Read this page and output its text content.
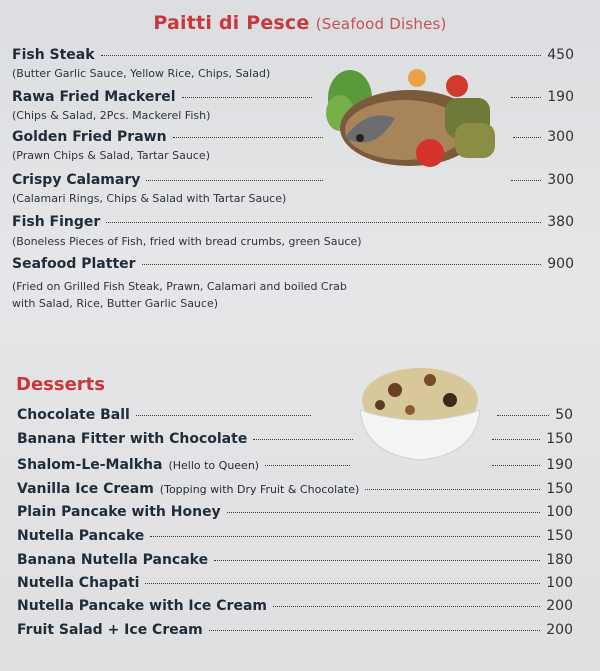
Paitti di Pesce (Seafood Dishes)
Fish Steak	450
(Butter Garlic Sauce, Yellow Rice, Chips, Salad)
Rawa Fried Mackerel	190
(Chips & Salad, 2Pcs. Mackerel Fish)
Golden Fried Prawn	300
(Prawn Chips & Salad, Tartar Sauce)
Crispy Calamary	300
(Calamari Rings, Chips & Salad with Tartar Sauce)
Fish Finger	380
(Boneless Pieces of Fish, fried with bread crumbs, green Sauce)
Seafood Platter	900
(Fried on Grilled Fish Steak, Prawn, Calamari and boiled Crab
with Salad, Rice, Butter Garlic Sauce)
Desserts
Chocolate Ball	50
Banana Fitter with Chocolate	150
Shalom-Le-Malkha (Hello to Queen)	190
Vanilla Ice Cream (Topping with Dry Fruit & Chocolate)	150
Plain Pancake with Honey	100
Nutella Pancake	150
Banana Nutella Pancake	180
Nutella Chapati	100
Nutella Pancake with Ice Cream	200
Fruit Salad + Ice Cream	200
